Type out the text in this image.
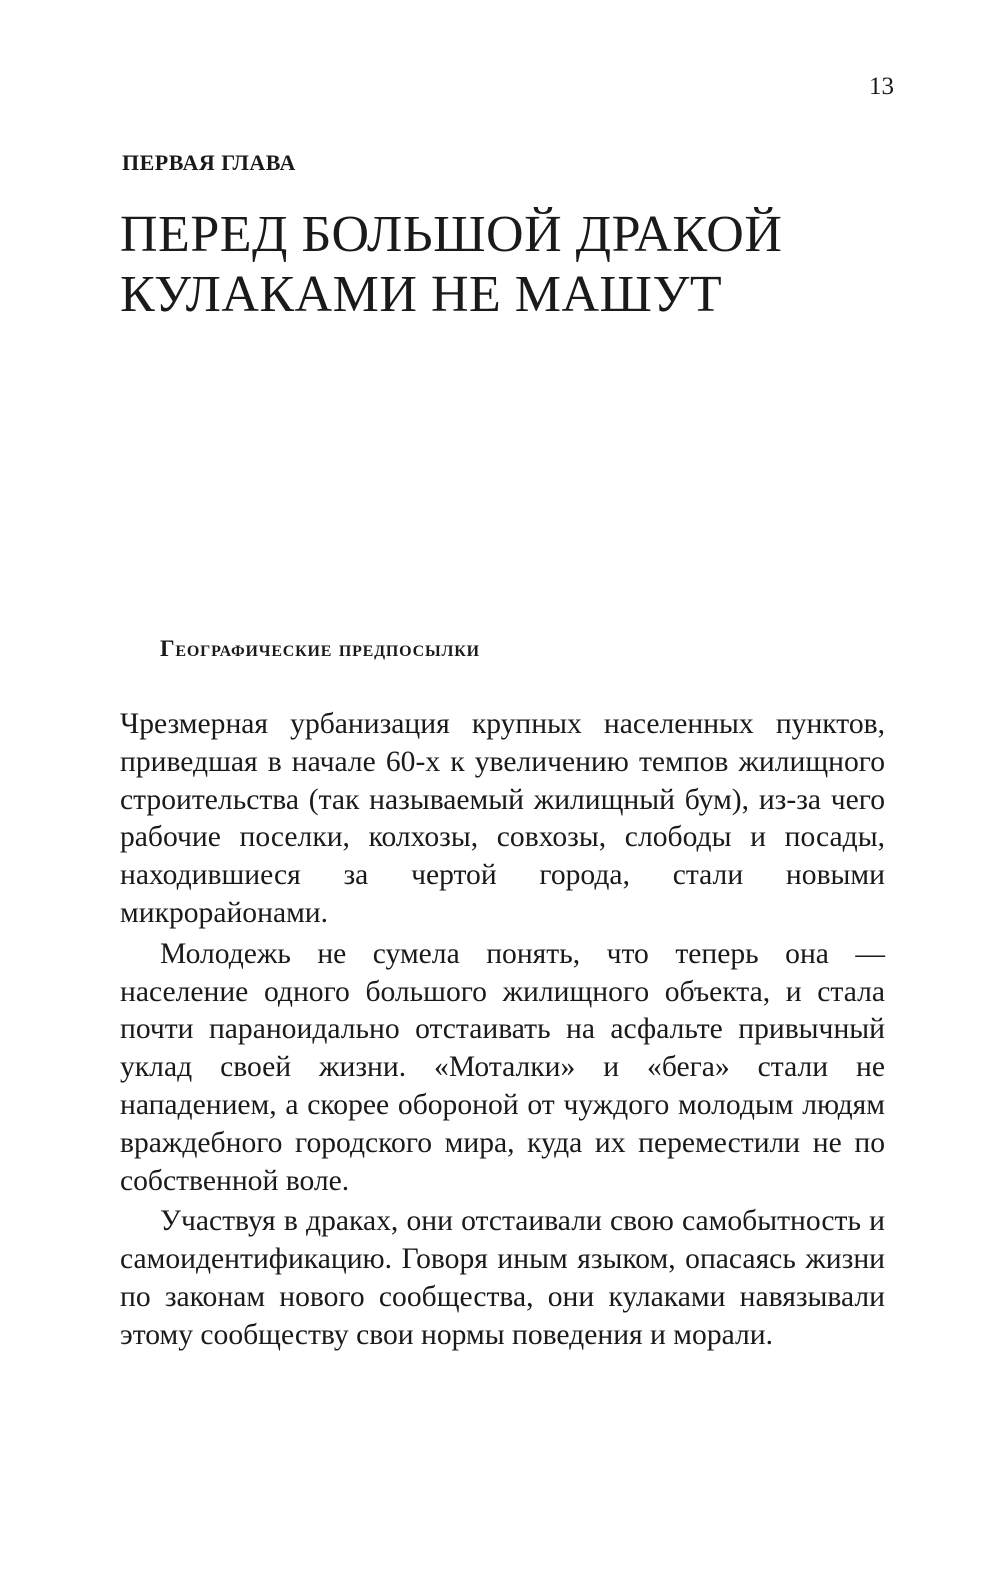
13
ПЕРВАЯ ГЛАВА
ПЕРЕД БОЛЬШОЙ ДРАКОЙ
КУЛАКАМИ НЕ МАШУТ
Географические предпосылки

Чрезмерная урбанизация крупных населенных пунктов, приведшая в начале 60-х к увеличению темпов жилищного строительства (так называемый жилищный бум), из-за чего рабочие поселки, колхозы, совхозы, слободы и посады, находившиеся за чертой города, стали новыми микрорайонами.

Молодежь не сумела понять, что теперь она — население одного большого жилищного объекта, и стала почти параноидально отстаивать на асфальте привычный уклад своей жизни. «Моталки» и «бега» стали не нападением, а скорее обороной от чуждого молодым людям враждебного городского мира, куда их переместили не по собственной воле.

Участвуя в драках, они отстаивали свою самобытность и самоидентификацию. Говоря иным языком, опасаясь жизни по законам нового сообщества, они кулаками навязывали этому сообществу свои нормы поведения и морали.
